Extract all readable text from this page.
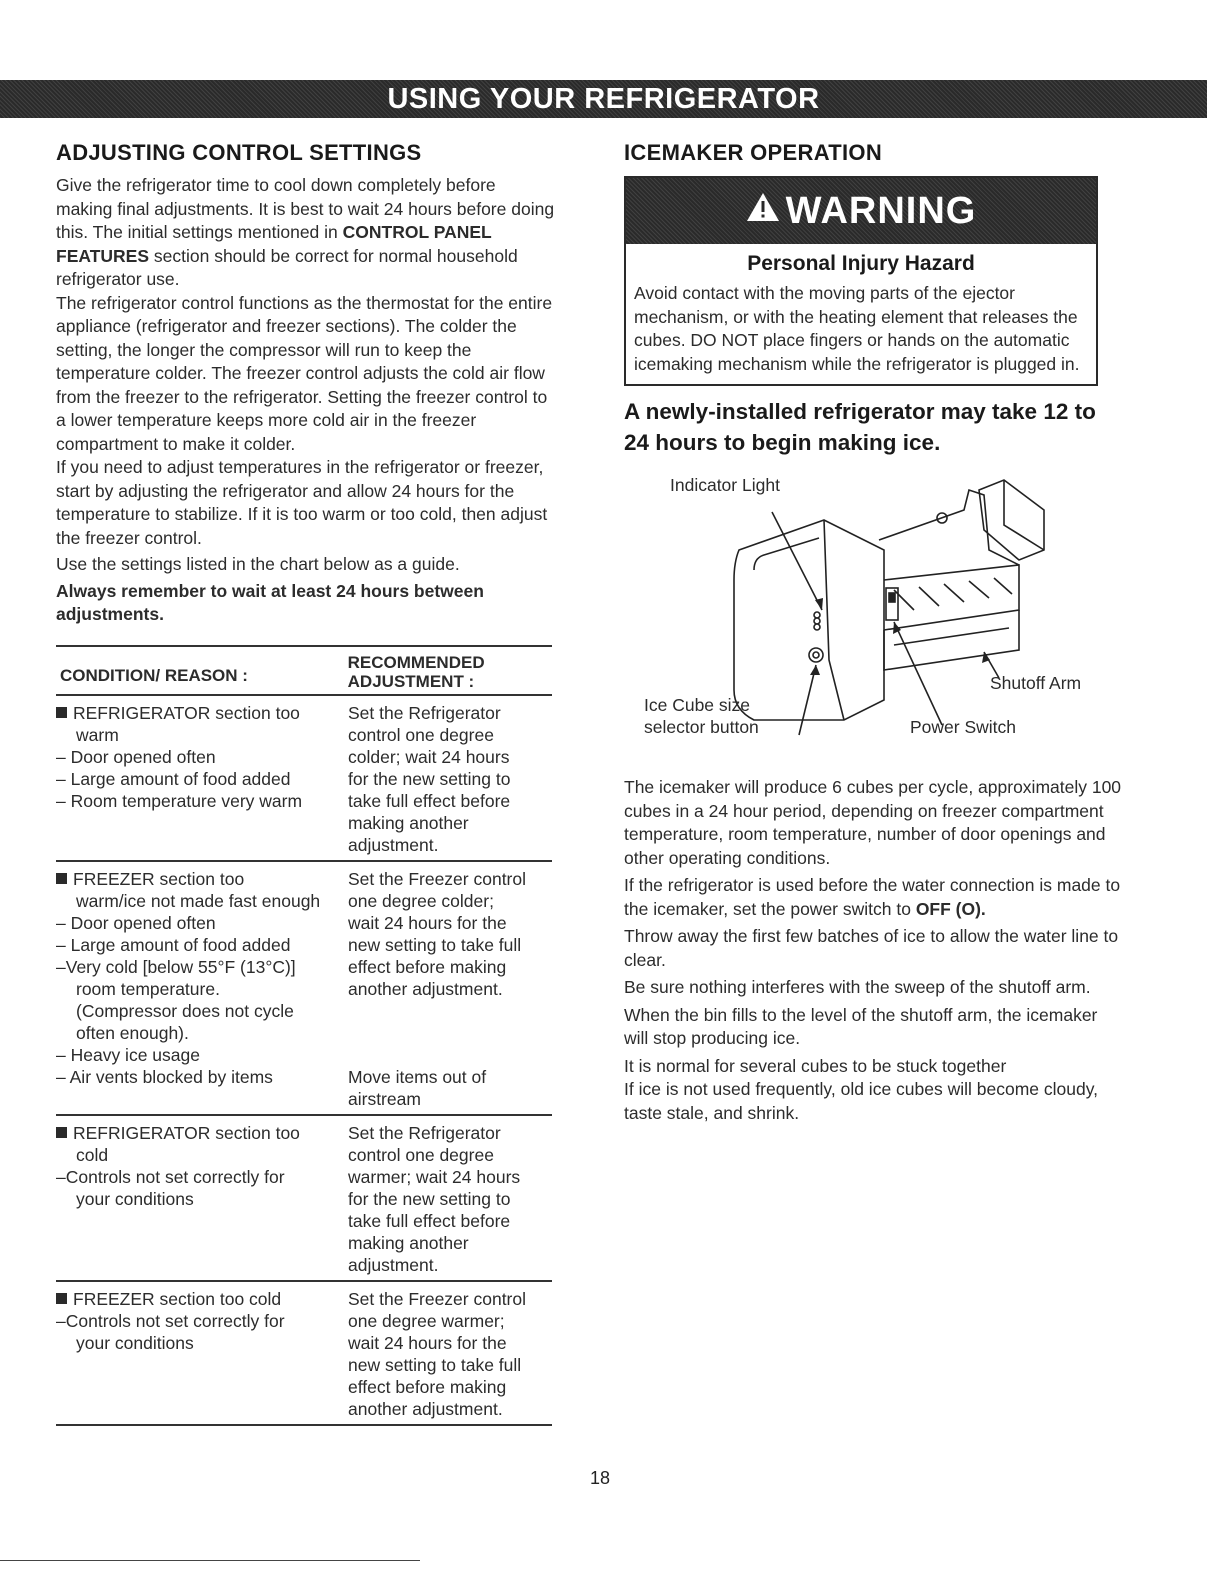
USING YOUR REFRIGERATOR
ADJUSTING CONTROL SETTINGS

Give the refrigerator time to cool down completely before making final adjustments. It is best to wait 24 hours before doing this. The initial settings mentioned in CONTROL PANEL FEATURES section should be correct for normal household refrigerator use.

The refrigerator control functions as the thermostat for the entire appliance (refrigerator and freezer sections). The colder the setting, the longer the compressor will run to keep the temperature colder. The freezer control adjusts the cold air flow from the freezer to the refrigerator. Setting the freezer control to a lower temperature keeps more cold air in the freezer compartment to make it colder.

If you need to adjust temperatures in the refrigerator or freezer, start by adjusting the refrigerator and allow 24 hours for the temperature to stabilize. If it is too warm or too cold, then adjust the freezer control.

Use the settings listed in the chart below as a guide.

Always remember to wait at least 24 hours between adjustments.

CONDITION/ REASON :
RECOMMENDED
ADJUSTMENT :
REFRIGERATOR section too
warm
– Door opened often
– Large amount of food added
– Room temperature very warm
Set the Refrigerator
control one degree
colder; wait 24 hours
for the new setting to
take full effect before
making another
adjustment.
FREEZER section too
warm/ice not made fast enough
– Door opened often
– Large amount of food added
–Very cold [below 55°F (13°C)]
room temperature.
(Compressor does not cycle
often enough).
– Heavy ice usage
– Air vents blocked by items
Set the Freezer control
one degree colder;
wait 24 hours for the
new setting to take full
effect before making
another adjustment.
Move items out of
airstream
REFRIGERATOR section too
cold
–Controls not set correctly for
your conditions
Set the Refrigerator
control one degree
warmer; wait 24 hours
for the new setting to
take full effect before
making another
adjustment.
FREEZER section too cold
–Controls not set correctly for
your conditions
Set the Freezer control
one degree warmer;
wait 24 hours for the
new setting to take full
effect before making
another adjustment.
ICEMAKER OPERATION
WARNING
Personal Injury Hazard
Avoid contact with the moving parts of the ejector mechanism, or with the heating element that releases the cubes. DO NOT place fingers or hands on the automatic icemaking mechanism while the refrigerator is plugged in.
A newly-installed refrigerator may take 12 to 24 hours to begin making ice.
Indicator Light
Shutoff Arm
Ice Cube size
selector button	Power Switch

The icemaker will produce 6 cubes per cycle, approximately 100 cubes in a 24 hour period, depending on freezer compartment temperature, room temperature, number of door openings and other operating conditions.

If the refrigerator is used before the water connection is made to the icemaker, set the power switch to OFF (O).

Throw away the first few batches of ice to allow the water line to clear.

Be sure nothing interferes with the sweep of the shutoff arm.

When the bin fills to the level of the shutoff arm, the icemaker will stop producing ice.

It is normal for several cubes to be stuck together

If ice is not used frequently, old ice cubes will become cloudy, taste stale, and shrink.

18
